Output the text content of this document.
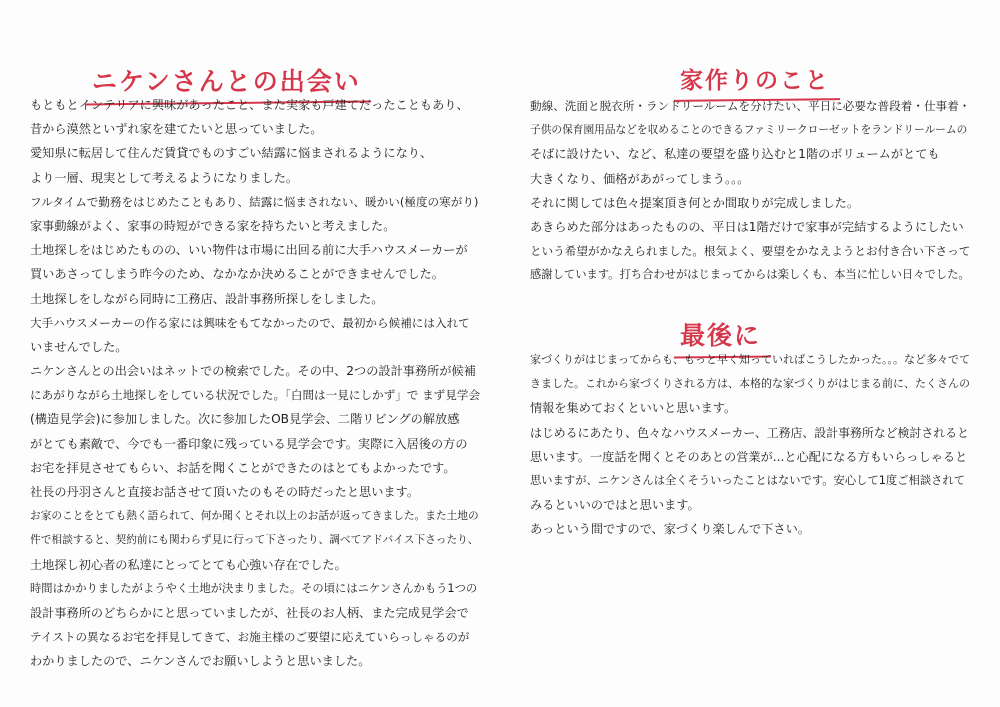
ニケンさんとの出会い
もともとインテリアに興味があったこと、また実家も戸建てだったこともあり、
昔から漠然といずれ家を建てたいと思っていました。
愛知県に転居して住んだ賃貸でものすごい結露に悩まされるようになり、
より一層、現実として考えるようになりました。
フルタイムで勤務をはじめたこともあり、結露に悩まされない、暖かい(極度の寒がり)
家事動線がよく、家事の時短ができる家を持ちたいと考えました。
土地探しをはじめたものの、いい物件は市場に出回る前に大手ハウスメーカーが
買いあさってしまう昨今のため、なかなか決めることができませんでした。
土地探しをしながら同時に工務店、設計事務所探しをしました。
大手ハウスメーカーの作る家には興味をもてなかったので、最初から候補には入れて
いませんでした。
ニケンさんとの出会いはネットでの検索でした。その中、2つの設計事務所が候補
にあがりながら土地探しをしている状況でした。「白間は一見にしかず」で まず見学会
(構造見学会)に参加しました。次に参加したOB見学会、二階リビングの解放感
がとても素敵で、今でも一番印象に残っている見学会です。実際に入居後の方の
お宅を拝見させてもらい、お話を聞くことができたのはとてもよかったです。
社長の丹羽さんと直接お話させて頂いたのもその時だったと思います。
お家のことをとても熱く語られて、何か聞くとそれ以上のお話が返ってきました。また土地の
件で相談すると、契約前にも関わらず見に行って下さったり、調べてアドバイス下さったり、
土地探し初心者の私達にとってとても心強い存在でした。
時間はかかりましたがようやく土地が決まりました。その頃にはニケンさんかもう1つの
設計事務所のどちらかにと思っていましたが、社長のお人柄、また完成見学会で
テイストの異なるお宅を拝見してきて、お施主様のご要望に応えていらっしゃるのが
わかりましたので、ニケンさんでお願いしようと思いました。
家作りのこと
動線、洗面と脱衣所・ランドリールームを分けたい、平日に必要な普段着・仕事着・
子供の保育園用品などを収めることのできるファミリークローゼットをランドリールームの
そばに設けたい、など、私達の要望を盛り込むと1階のボリュームがとても
大きくなり、価格があがってしまう。。。
それに関しては色々提案頂き何とか間取りが完成しました。
あきらめた部分はあったものの、平日は1階だけで家事が完結するようにしたい
という希望がかなえられました。根気よく、要望をかなえようとお付き合い下さって
感謝しています。打ち合わせがはじまってからは楽しくも、本当に忙しい日々でした。
最後に
家づくりがはじまってからも、もっと早く知っていればこうしたかった。。。など多々でて
きました。これから家づくりされる方は、本格的な家づくりがはじまる前に、たくさんの
情報を集めておくといいと思います。
はじめるにあたり、色々なハウスメーカー、工務店、設計事務所など検討されると
思います。一度話を聞くとそのあとの営業が...と心配になる方もいらっしゃると
思いますが、ニケンさんは全くそういったことはないです。安心して1度ご相談されて
みるといいのではと思います。
あっという間ですので、家づくり楽しんで下さい。
